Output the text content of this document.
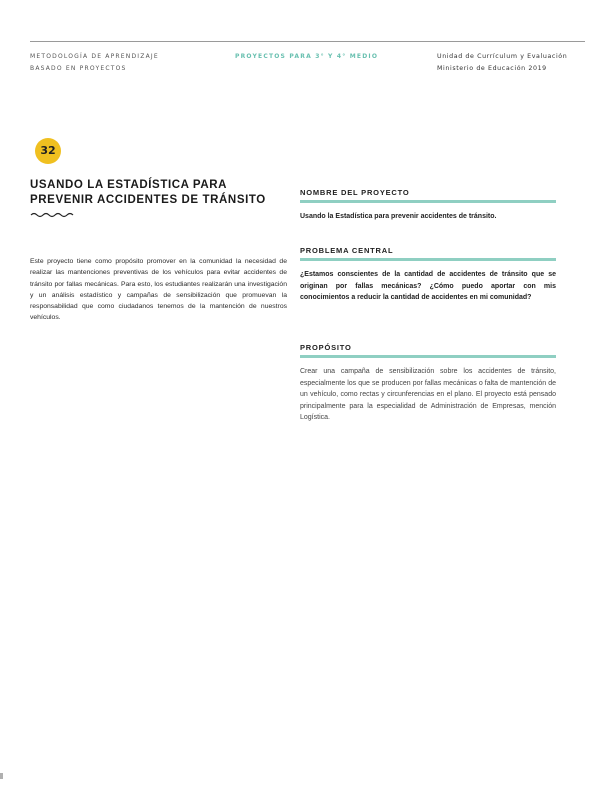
METODOLOGÍA DE APRENDIZAJE
BASADO EN PROYECTOS
PROYECTOS PARA 3° Y 4° MEDIO	Unidad de Currículum y Evaluación
Ministerio de Educación 2019
32
USANDO LA ESTADÍSTICA PARA PREVENIR ACCIDENTES DE TRÁNSITO
Este proyecto tiene como propósito promover en la comunidad la necesidad de realizar las mantenciones preventivas de los vehículos para evitar accidentes de tránsito por fallas mecánicas. Para esto, los estudiantes realizarán una investigación y un análisis estadístico y campañas de sensibilización que promuevan la responsabilidad que como ciudadanos tenemos de la mantención de nuestros vehículos.
NOMBRE DEL PROYECTO
Usando la Estadística para prevenir accidentes de tránsito.
PROBLEMA CENTRAL
¿Estamos conscientes de la cantidad de accidentes de tránsito que se originan por fallas mecánicas? ¿Cómo puedo aportar con mis conocimientos a reducir la cantidad de accidentes en mi comunidad?
PROPÓSITO
Crear una campaña de sensibilización sobre los accidentes de tránsito, especialmente los que se producen por fallas mecánicas o falta de mantención de un vehículo, como rectas y circunferencias en el plano. El proyecto está pensado principalmente para la especialidad de Administración de Empresas, mención Logística.
